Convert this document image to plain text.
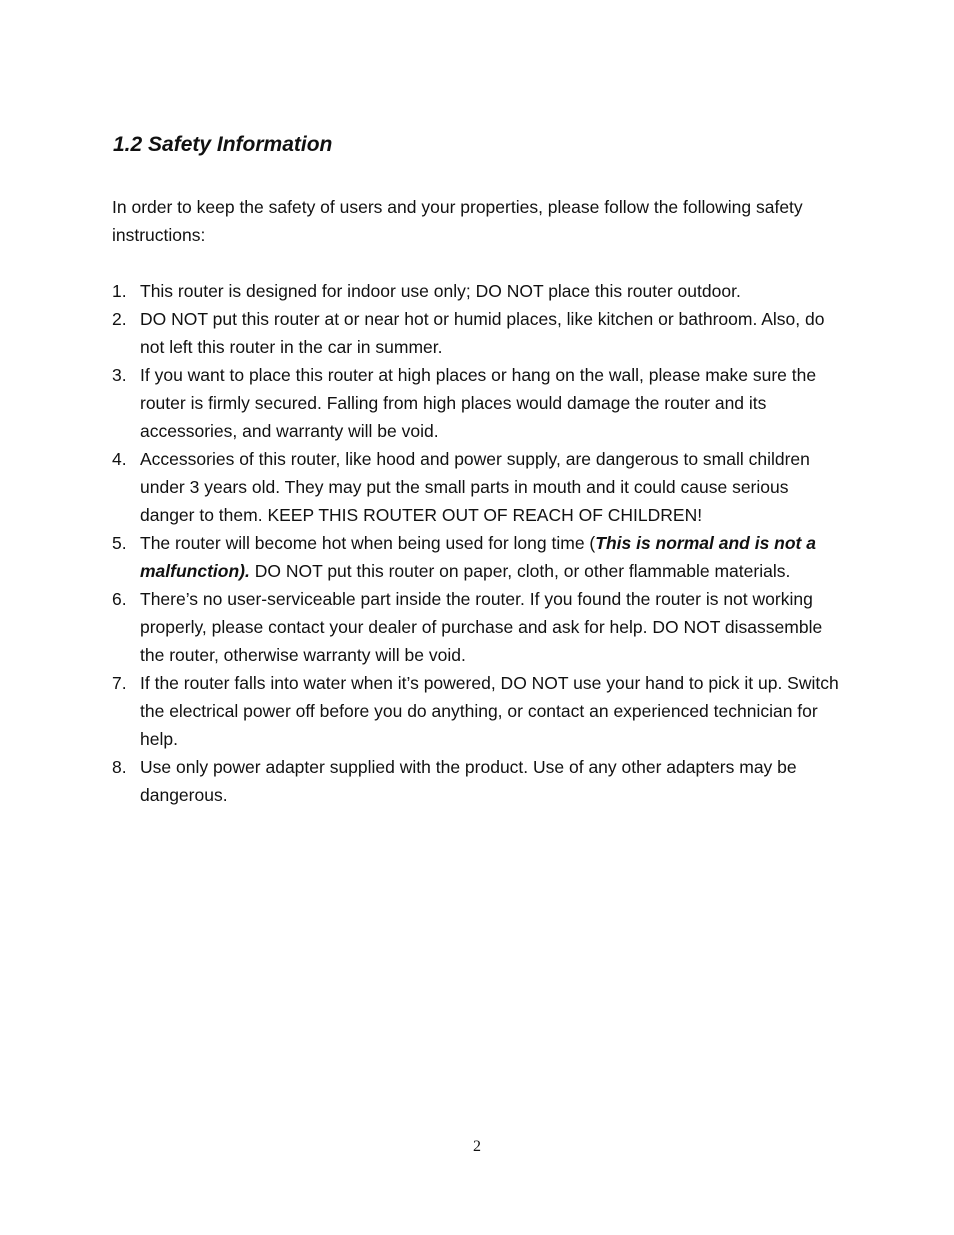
1.2 Safety Information

In order to keep the safety of users and your properties, please follow the following safety instructions:

1. This router is designed for indoor use only; DO NOT place this router outdoor.
2. DO NOT put this router at or near hot or humid places, like kitchen or bathroom. Also, do not left this router in the car in summer.
3. If you want to place this router at high places or hang on the wall, please make sure the router is firmly secured. Falling from high places would damage the router and its accessories, and warranty will be void.
4. Accessories of this router, like hood and power supply, are dangerous to small children under 3 years old. They may put the small parts in mouth and it could cause serious danger to them. KEEP THIS ROUTER OUT OF REACH OF CHILDREN!
5. The router will become hot when being used for long time (This is normal and is not a malfunction). DO NOT put this router on paper, cloth, or other flammable materials.
6. There’s no user-serviceable part inside the router. If you found the router is not working properly, please contact your dealer of purchase and ask for help. DO NOT disassemble the router, otherwise warranty will be void.
7. If the router falls into water when it’s powered, DO NOT use your hand to pick it up. Switch the electrical power off before you do anything, or contact an experienced technician for help.
8. Use only power adapter supplied with the product. Use of any other adapters may be dangerous.
2
